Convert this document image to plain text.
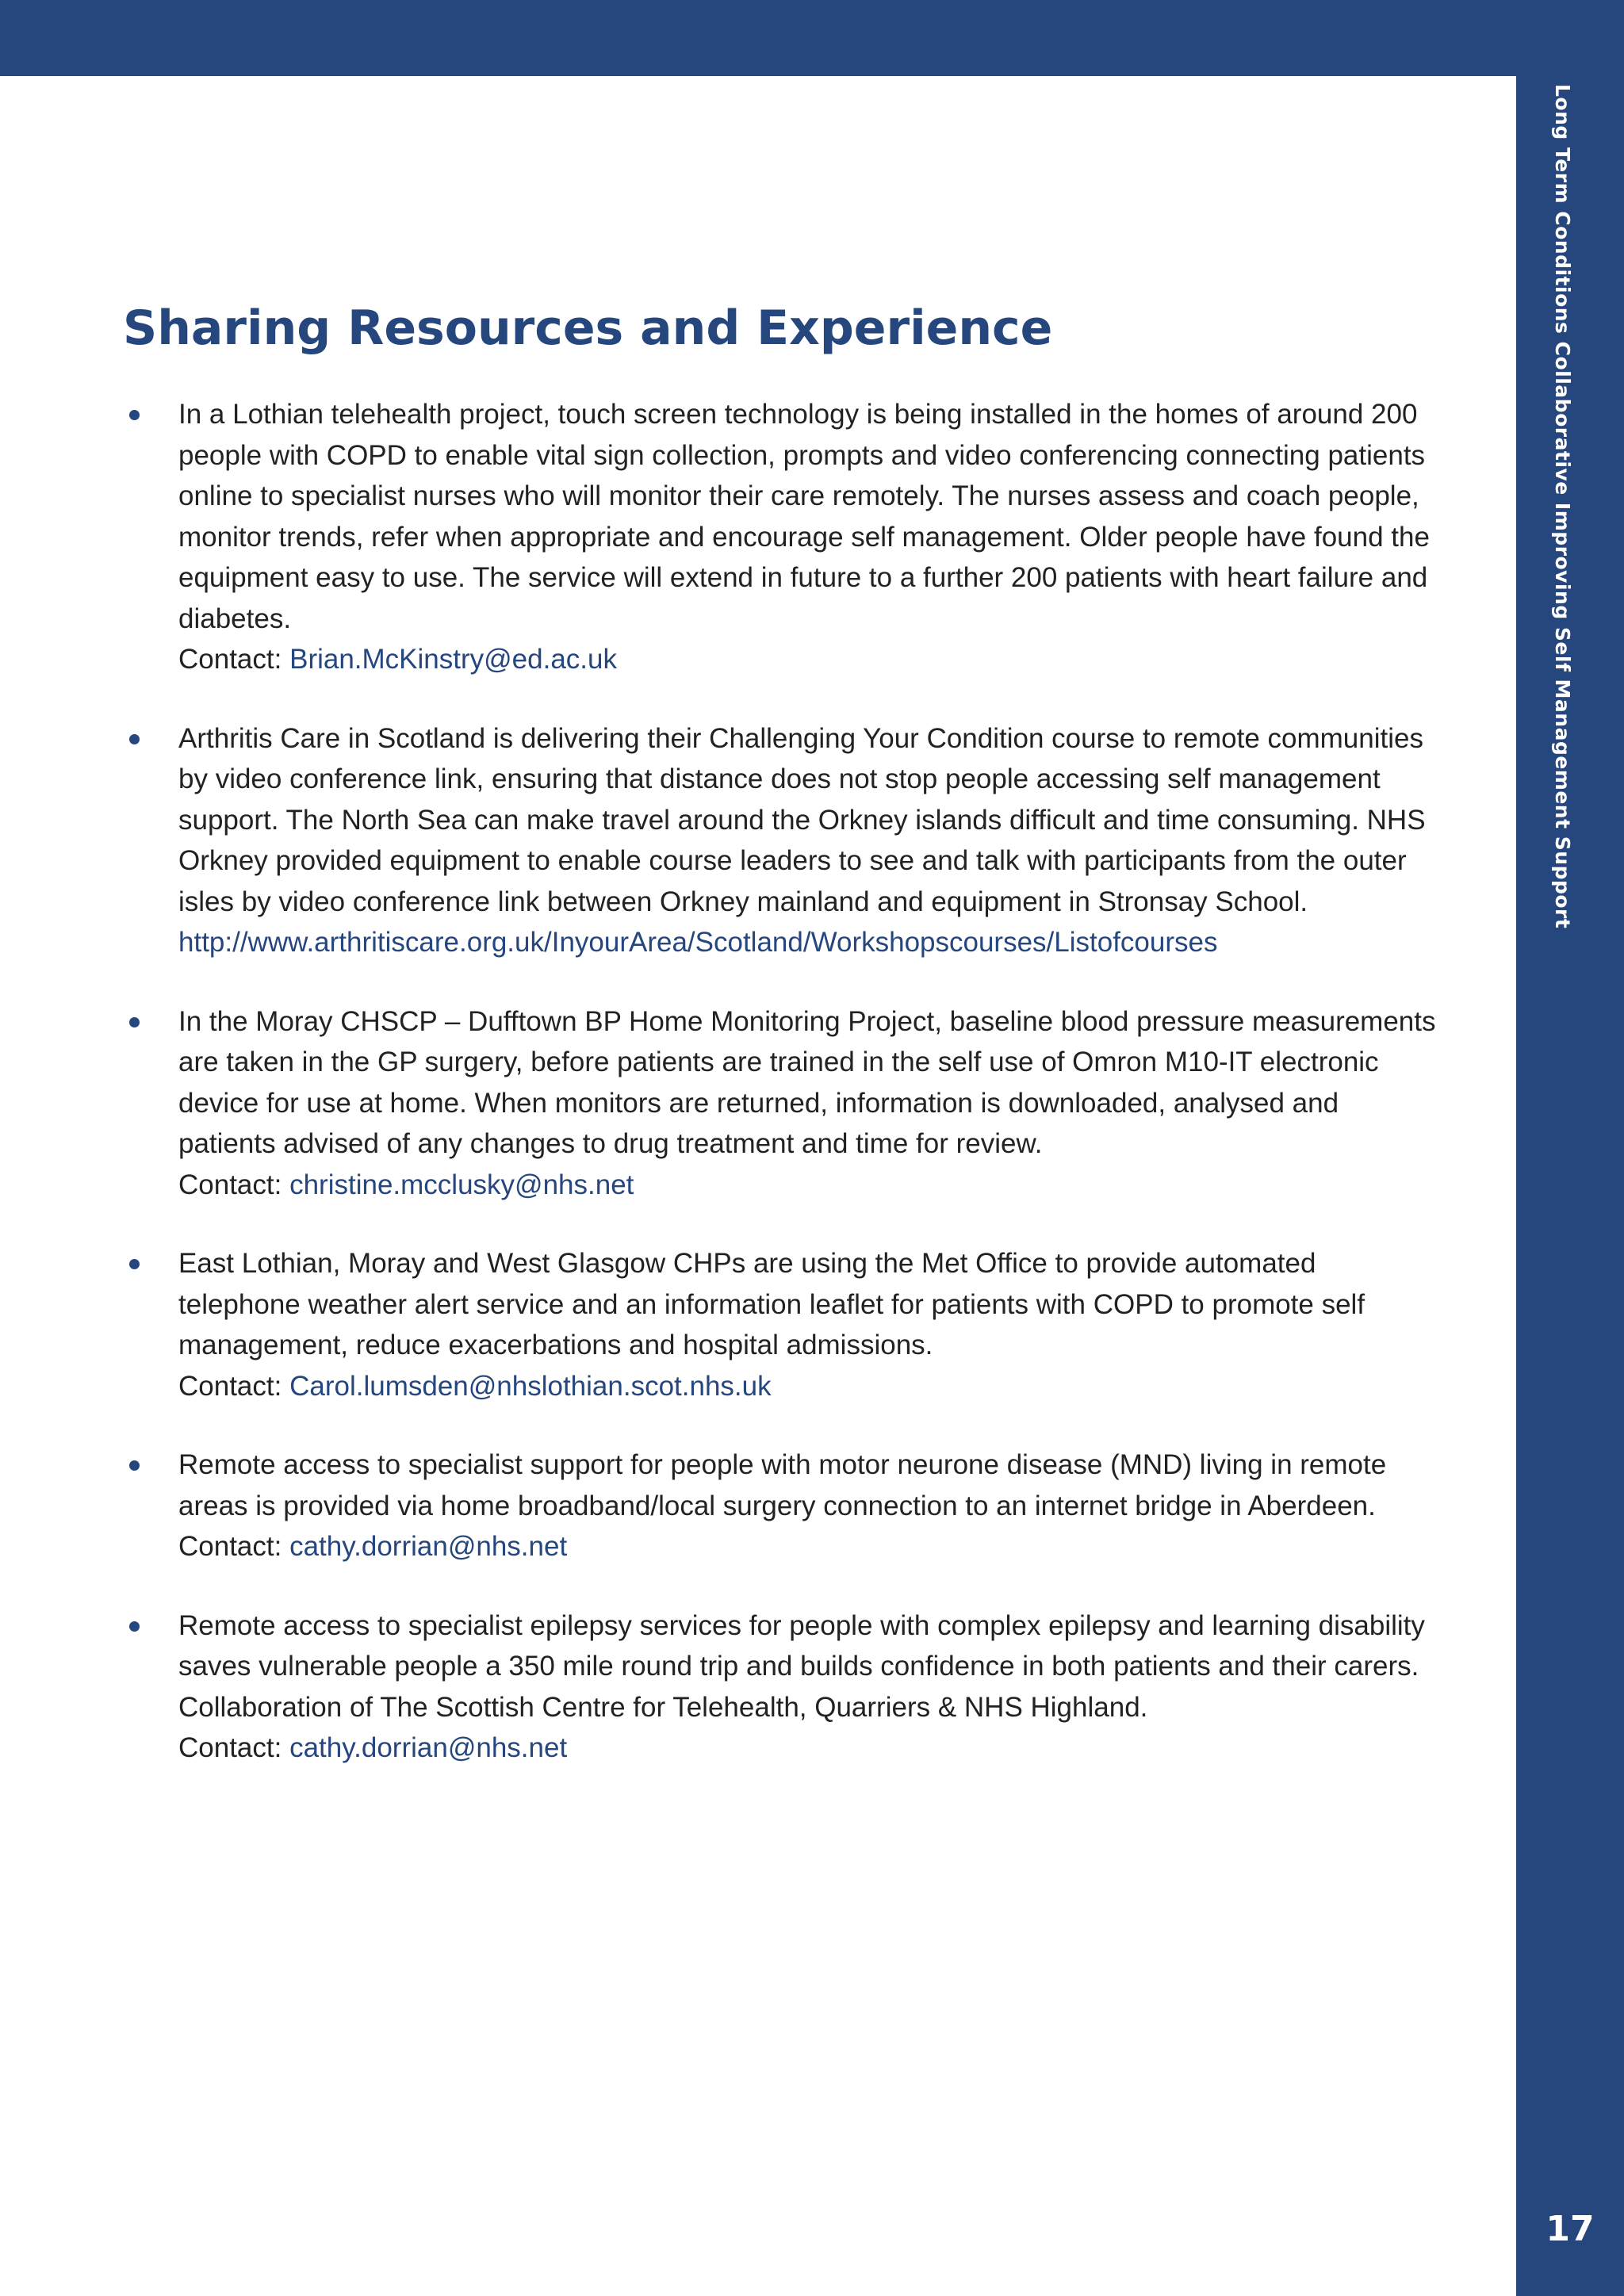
Long Term Conditions Collaborative Improving Self Management Support
17
Sharing Resources and Experience

In a Lothian telehealth project, touch screen technology is being installed in the homes of around 200 people with COPD to enable vital sign collection, prompts and video conferencing connecting patients online to specialist nurses who will monitor their care remotely. The nurses assess and coach people, monitor trends, refer when appropriate and encourage self management. Older people have found the equipment easy to use. The service will extend in future to a further 200 patients with heart failure and diabetes.

Contact: Brian.McKinstry@ed.ac.uk

Arthritis Care in Scotland is delivering their Challenging Your Condition course to remote communities by video conference link, ensuring that distance does not stop people accessing self management support. The North Sea can make travel around the Orkney islands difficult and time consuming. NHS Orkney provided equipment to enable course leaders to see and talk with participants from the outer isles by video conference link between Orkney mainland and equipment in Stronsay School.

http://www.arthritiscare.org.uk/InyourArea/Scotland/Workshopscourses/Listofcourses

In the Moray CHSCP – Dufftown BP Home Monitoring Project, baseline blood pressure measurements are taken in the GP surgery, before patients are trained in the self use of Omron M10-IT electronic device for use at home. When monitors are returned, information is downloaded, analysed and patients advised of any changes to drug treatment and time for review.

Contact: christine.mcclusky@nhs.net

East Lothian, Moray and West Glasgow CHPs are using the Met Office to provide automated telephone weather alert service and an information leaflet for patients with COPD to promote self management, reduce exacerbations and hospital admissions.

Contact: Carol.lumsden@nhslothian.scot.nhs.uk

Remote access to specialist support for people with motor neurone disease (MND) living in remote areas is provided via home broadband/local surgery connection to an internet bridge in Aberdeen.

Contact: cathy.dorrian@nhs.net

Remote access to specialist epilepsy services for people with complex epilepsy and learning disability saves vulnerable people a 350 mile round trip and builds confidence in both patients and their carers. Collaboration of The Scottish Centre for Telehealth, Quarriers & NHS Highland.

Contact: cathy.dorrian@nhs.net
